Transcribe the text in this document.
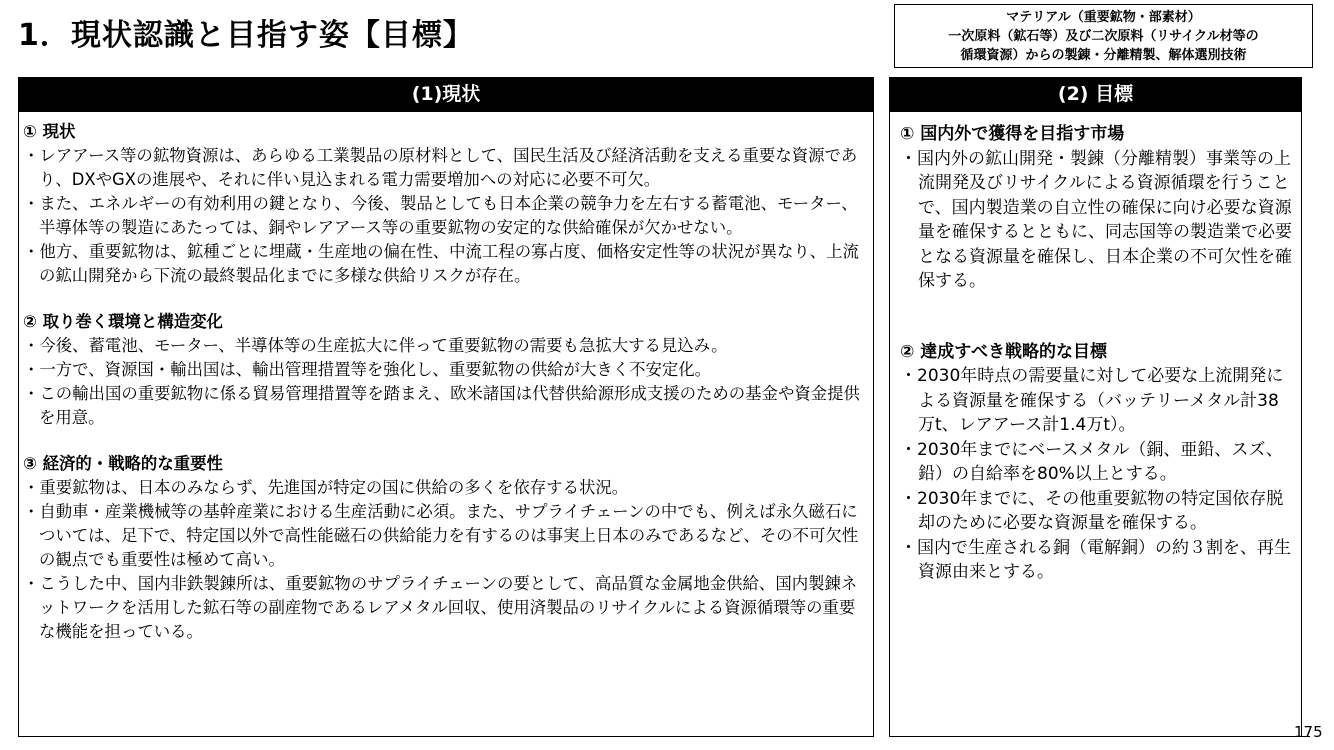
1．現状認識と目指す姿【目標】
マテリアル（重要鉱物・部素材）
一次原料（鉱石等）及び二次原料（リサイクル材等の
循環資源）からの製錬・分離精製、解体選別技術
(1)現状
① 現状
・レアアース等の鉱物資源は、あらゆる工業製品の原材料として、国民生活及び経済活動を支える重要な資源であり、DXやGXの進展や、それに伴い見込まれる電力需要増加への対応に必要不可欠。
・また、エネルギーの有効利用の鍵となり、今後、製品としても日本企業の競争力を左右する蓄電池、モーター、半導体等の製造にあたっては、銅やレアアース等の重要鉱物の安定的な供給確保が欠かせない。
・他方、重要鉱物は、鉱種ごとに埋蔵・生産地の偏在性、中流工程の寡占度、価格安定性等の状況が異なり、上流の鉱山開発から下流の最終製品化までに多様な供給リスクが存在。
② 取り巻く環境と構造変化
・今後、蓄電池、モーター、半導体等の生産拡大に伴って重要鉱物の需要も急拡大する見込み。
・一方で、資源国・輸出国は、輸出管理措置等を強化し、重要鉱物の供給が大きく不安定化。
・この輸出国の重要鉱物に係る貿易管理措置等を踏まえ、欧米諸国は代替供給源形成支援のための基金や資金提供を用意。
③ 経済的・戦略的な重要性
・重要鉱物は、日本のみならず、先進国が特定の国に供給の多くを依存する状況。
・自動車・産業機械等の基幹産業における生産活動に必須。また、サプライチェーンの中でも、例えば永久磁石については、足下で、特定国以外で高性能磁石の供給能力を有するのは事実上日本のみであるなど、その不可欠性の観点でも重要性は極めて高い。
・こうした中、国内非鉄製錬所は、重要鉱物のサプライチェーンの要として、高品質な金属地金供給、国内製錬ネットワークを活用した鉱石等の副産物であるレアメタル回収、使用済製品のリサイクルによる資源循環等の重要な機能を担っている。
(2) 目標
① 国内外で獲得を目指す市場
・国内外の鉱山開発・製錬（分離精製）事業等の上流開発及びリサイクルによる資源循環を行うことで、国内製造業の自立性の確保に向け必要な資源量を確保するとともに、同志国等の製造業で必要となる資源量を確保し、日本企業の不可欠性を確保する。
② 達成すべき戦略的な目標
・2030年時点の需要量に対して必要な上流開発による資源量を確保する（バッテリーメタル計38万t、レアアース計1.4万t）。
・2030年までにベースメタル（銅、亜鉛、スズ、鉛）の自給率を80%以上とする。
・2030年までに、その他重要鉱物の特定国依存脱却のために必要な資源量を確保する。
・国内で生産される銅（電解銅）の約３割を、再生資源由来とする。
175
